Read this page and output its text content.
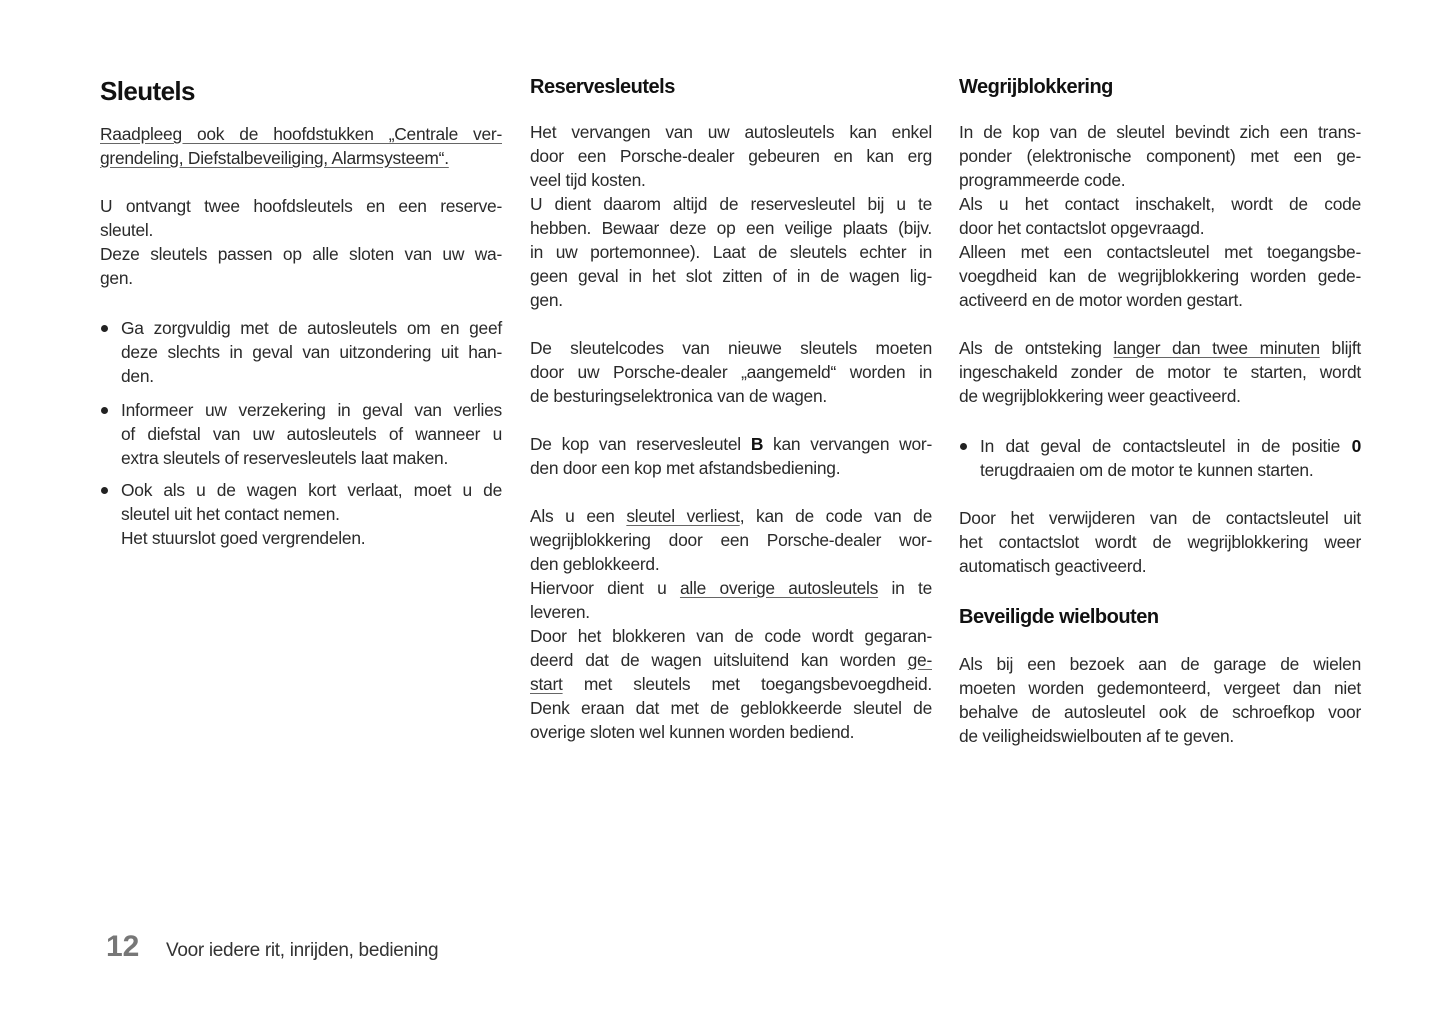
Sleutels
Raadpleeg ook de hoofdstukken „Centrale ver-
grendeling, Diefstalbeveiliging, Alarmsysteem“.
U ontvangt twee hoofdsleutels en een reserve-
sleutel.
Deze sleutels passen op alle sloten van uw wa-
gen.
Ga zorgvuldig met de autosleutels om en geef
deze slechts in geval van uitzondering uit han-
den.
Informeer uw verzekering in geval van verlies
of diefstal van uw autosleutels of wanneer u
extra sleutels of reservesleutels laat maken.
Ook als u de wagen kort verlaat, moet u de
sleutel uit het contact nemen.
Het stuurslot goed vergrendelen.
Reservesleutels
Het vervangen van uw autosleutels kan enkel
door een Porsche-dealer gebeuren en kan erg
veel tijd kosten.
U dient daarom altijd de reservesleutel bij u te
hebben. Bewaar deze op een veilige plaats (bijv.
in uw portemonnee). Laat de sleutels echter in
geen geval in het slot zitten of in de wagen lig-
gen.
De sleutelcodes van nieuwe sleutels moeten
door uw Porsche-dealer „aangemeld“ worden in
de besturingselektronica van de wagen.
De kop van reservesleutel B kan vervangen wor-
den door een kop met afstandsbediening.
Als u een sleutel verliest, kan de code van de
wegrijblokkering door een Porsche-dealer wor-
den geblokkeerd.
Hiervoor dient u alle overige autosleutels in te
leveren.
Door het blokkeren van de code wordt gegaran-
deerd dat de wagen uitsluitend kan worden ge-
start met sleutels met toegangsbevoegdheid.
Denk eraan dat met de geblokkeerde sleutel de
overige sloten wel kunnen worden bediend.
Wegrijblokkering
In de kop van de sleutel bevindt zich een trans-
ponder (elektronische component) met een ge-
programmeerde code.
Als u het contact inschakelt, wordt de code
door het contactslot opgevraagd.
Alleen met een contactsleutel met toegangsbe-
voegdheid kan de wegrijblokkering worden gede-
activeerd en de motor worden gestart.
Als de ontsteking langer dan twee minuten blijft
ingeschakeld zonder de motor te starten, wordt
de wegrijblokkering weer geactiveerd.
In dat geval de contactsleutel in de positie 0
terugdraaien om de motor te kunnen starten.
Door het verwijderen van de contactsleutel uit
het contactslot wordt de wegrijblokkering weer
automatisch geactiveerd.
Beveiligde wielbouten
Als bij een bezoek aan de garage de wielen
moeten worden gedemonteerd, vergeet dan niet
behalve de autosleutel ook de schroefkop voor
de veiligheidswielbouten af te geven.
12 Voor iedere rit, inrijden, bediening
